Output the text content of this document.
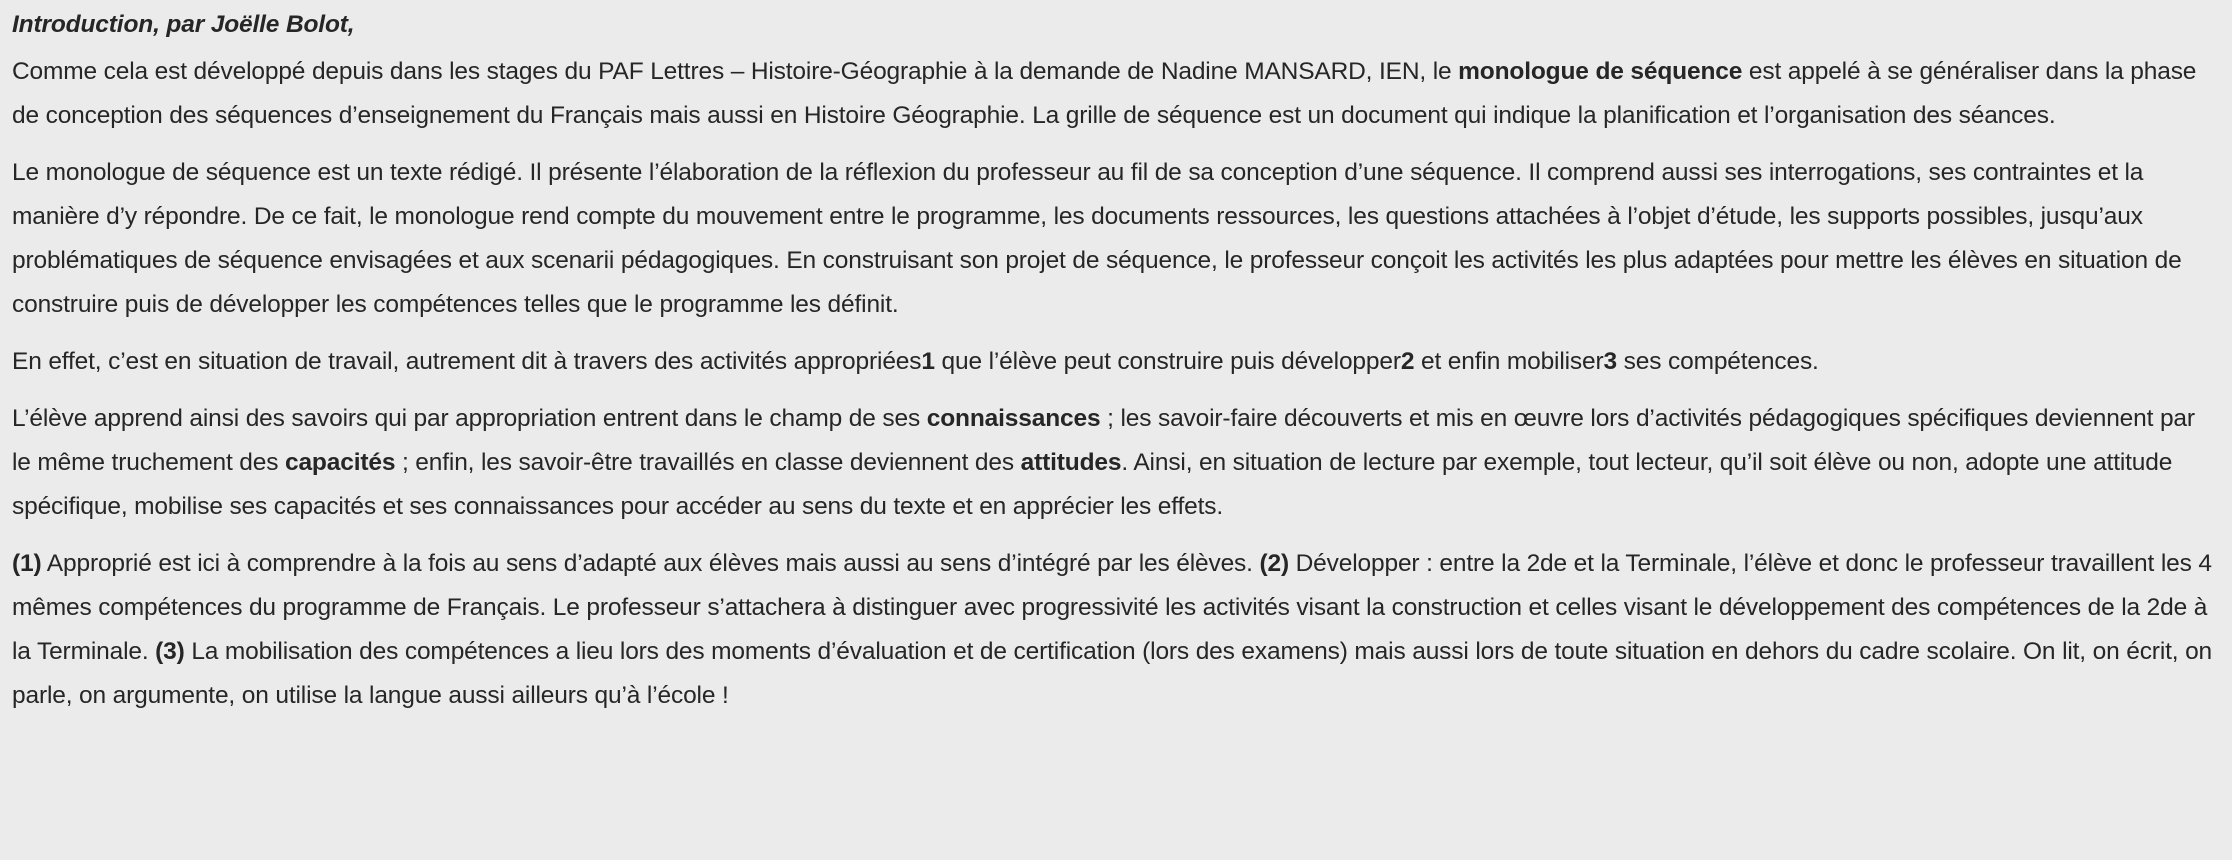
Introduction, par Joëlle Bolot,

Comme cela est développé depuis dans les stages du PAF Lettres – Histoire-Géographie à la demande de Nadine MANSARD, IEN, le monologue de séquence est appelé à se généraliser dans la phase de conception des séquences d’enseignement du Français mais aussi en Histoire Géographie. La grille de séquence est un document qui indique la planification et l’organisation des séances.

Le monologue de séquence est un texte rédigé. Il présente l’élaboration de la réflexion du professeur au fil de sa conception d’une séquence. Il comprend aussi ses interrogations, ses contraintes et la manière d’y répondre. De ce fait, le monologue rend compte du mouvement entre le programme, les documents ressources, les questions attachées à l’objet d’étude, les supports possibles, jusqu’aux problématiques de séquence envisagées et aux scenarii pédagogiques. En construisant son projet de séquence, le professeur conçoit les activités les plus adaptées pour mettre les élèves en situation de construire puis de développer les compétences telles que le programme les définit.

En effet, c’est en situation de travail, autrement dit à travers des activités appropriées1 que l’élève peut construire puis développer2 et enfin mobiliser3 ses compétences.

L’élève apprend ainsi des savoirs qui par appropriation entrent dans le champ de ses connaissances ; les savoir-faire découverts et mis en œuvre lors d’activités pédagogiques spécifiques deviennent par le même truchement des capacités ; enfin, les savoir-être travaillés en classe deviennent des attitudes. Ainsi, en situation de lecture par exemple, tout lecteur, qu’il soit élève ou non, adopte une attitude spécifique, mobilise ses capacités et ses connaissances pour accéder au sens du texte et en apprécier les effets.

(1) Approprié est ici à comprendre à la fois au sens d’adapté aux élèves mais aussi au sens d’intégré par les élèves. (2) Développer : entre la 2de et la Terminale, l’élève et donc le professeur travaillent les 4 mêmes compétences du programme de Français. Le professeur s’attachera à distinguer avec progressivité les activités visant la construction et celles visant le développement des compétences de la 2de à la Terminale. (3) La mobilisation des compétences a lieu lors des moments d’évaluation et de certification (lors des examens) mais aussi lors de toute situation en dehors du cadre scolaire. On lit, on écrit, on parle, on argumente, on utilise la langue aussi ailleurs qu’à l’école !
